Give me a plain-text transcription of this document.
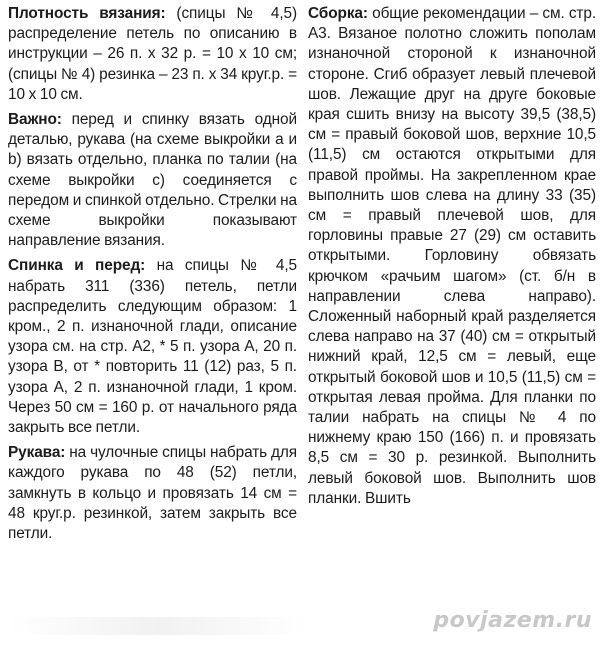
Плотность вязания: (спицы № 4,5) распределение петель по описанию в инструкции – 26 п. х 32 р. = 10 х 10 см; (спицы № 4) резинка – 23 п. х 34 круг.р. = 10 х 10 см.

Важно: перед и спинку вязать одной деталью, рукава (на схеме выкройки a и b) вязать отдельно, планка по талии (на схеме выкройки с) соединяется с передом и спинкой отдельно. Стрелки на схеме выкройки показывают направление вязания.

Спинка и перед: на спицы № 4,5 набрать 311 (336) петель, петли распределить следующим образом: 1 кром., 2 п. изнаночной глади, описание узора см. на стр. А2, * 5 п. узора А, 20 п. узора В, от * повторить 11 (12) раз, 5 п. узора А, 2 п. изнаночной глади, 1 кром. Через 50 см = 160 р. от начального ряда закрыть все петли.

Рукава: на чулочные спицы набрать для каждого рукава по 48 (52) петли, замкнуть в кольцо и провязать 14 см = 48 круг.р. резинкой, затем закрыть все петли.

Сборка: общие рекомендации – см. стр. А3. Вязаное полотно сложить пополам изнаночной стороной к изнаночной стороне. Сгиб образует левый плечевой шов. Лежащие друг на друге боковые края сшить внизу на высоту 39,5 (38,5) см = правый боковой шов, верхние 10,5 (11,5) см остаются открытыми для правой проймы. На закрепленном крае выполнить шов слева на длину 33 (35) см = правый плечевой шов, для горловины правые 27 (29) см оставить открытыми. Горловину обвязать крючком «рачьим шагом» (ст. б/н в направлении слева направо). Сложенный наборный край разделяется слева направо на 37 (40) см = открытый нижний край, 12,5 см = левый, еще открытый боковой шов и 10,5 (11,5) см = открытая левая пройма. Для планки по талии набрать на спицы № 4 по нижнему краю 150 (166) п. и провязать 8,5 см = 30 р. резинкой. Выполнить левый боковой шов. Выполнить шов планки. Вшить

povjazem.ru
